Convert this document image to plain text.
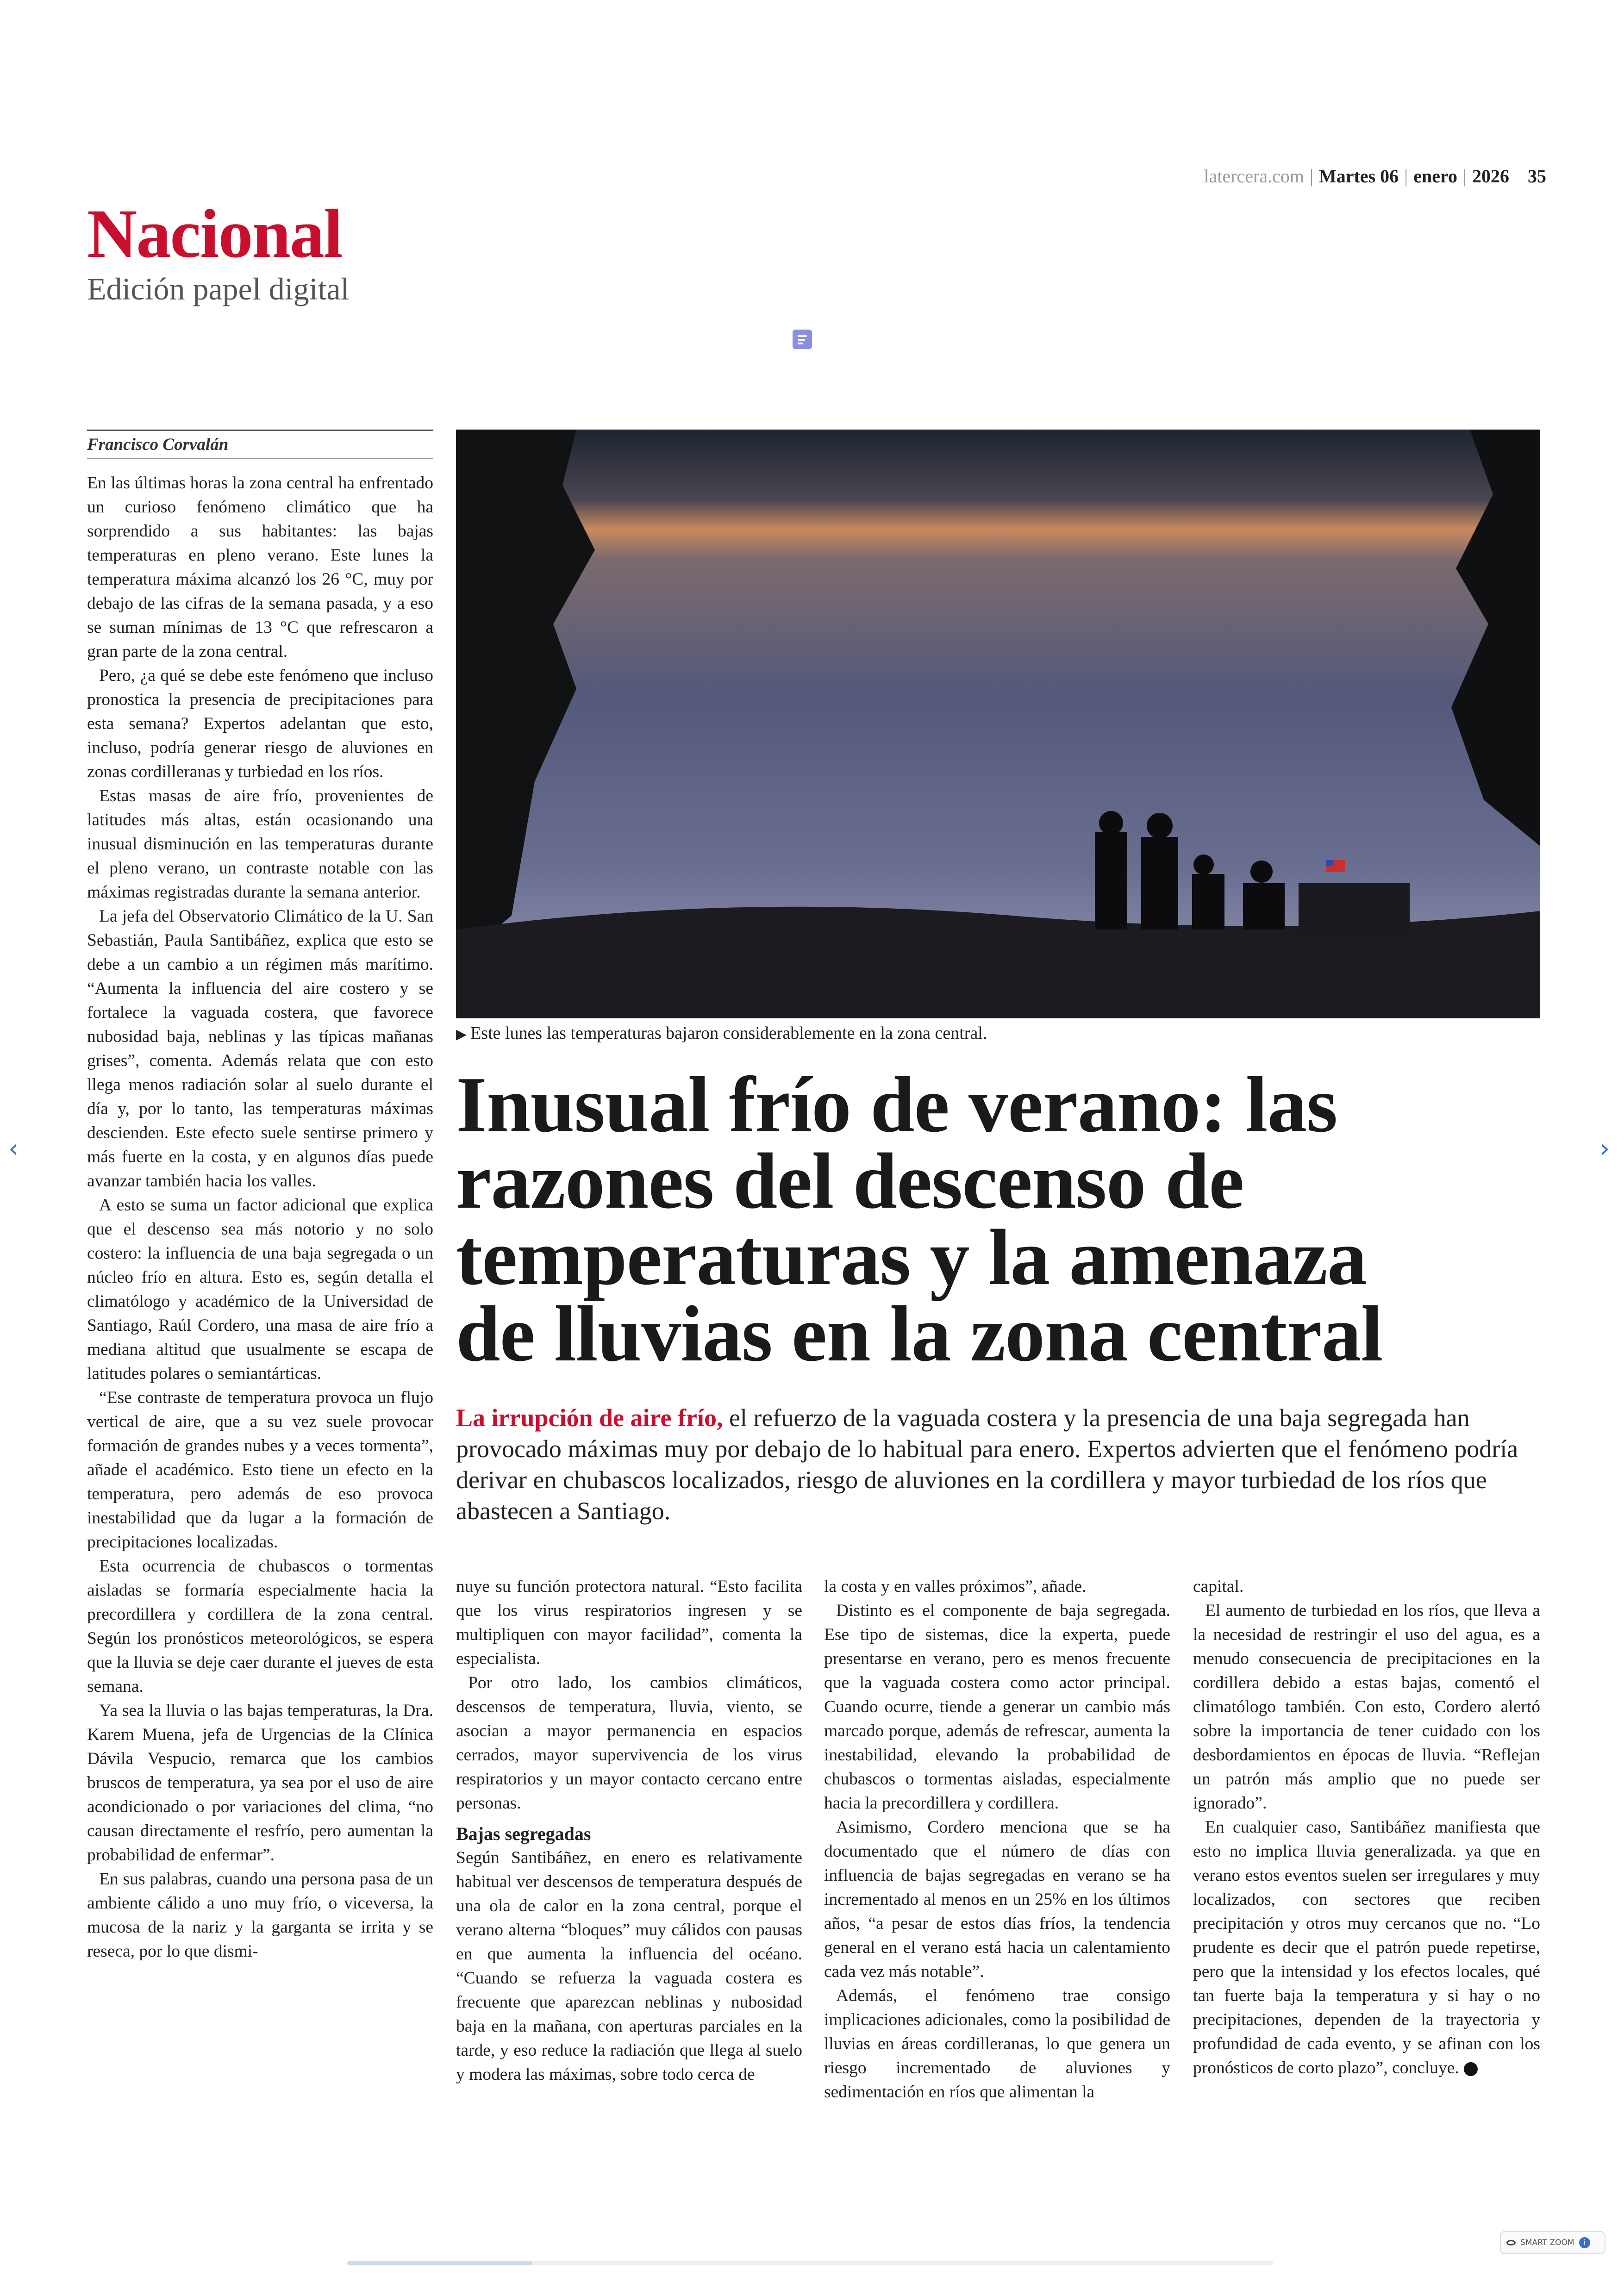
latercera.com | Martes 06 | enero | 2026 35
Nacional
Edición papel digital
Francisco Corvalán

En las últimas horas la zona central ha enfrentado un curioso fenómeno climático que ha sorprendido a sus habitantes: las bajas temperaturas en pleno verano. Este lunes la temperatura máxima alcanzó los 26 °C, muy por debajo de las cifras de la semana pasada, y a eso se suman mínimas de 13 °C que refrescaron a gran parte de la zona central.

Pero, ¿a qué se debe este fenómeno que incluso pronostica la presencia de precipitaciones para esta semana? Expertos adelantan que esto, incluso, podría generar riesgo de aluviones en zonas cordilleranas y turbiedad en los ríos.

Estas masas de aire frío, provenientes de latitudes más altas, están ocasionando una inusual disminución en las temperaturas durante el pleno verano, un contraste notable con las máximas registradas durante la semana anterior.

La jefa del Observatorio Climático de la U. San Sebastián, Paula Santibáñez, explica que esto se debe a un cambio a un régimen más marítimo. “Aumenta la influencia del aire costero y se fortalece la vaguada costera, que favorece nubosidad baja, neblinas y las típicas mañanas grises”, comenta. Además relata que con esto llega menos radiación solar al suelo durante el día y, por lo tanto, las temperaturas máximas descienden. Este efecto suele sentirse primero y más fuerte en la costa, y en algunos días puede avanzar también hacia los valles.

A esto se suma un factor adicional que explica que el descenso sea más notorio y no solo costero: la influencia de una baja segregada o un núcleo frío en altura. Esto es, según detalla el climatólogo y académico de la Universidad de Santiago, Raúl Cordero, una masa de aire frío a mediana altitud que usualmente se escapa de latitudes polares o semiantárticas.

“Ese contraste de temperatura provoca un flujo vertical de aire, que a su vez suele provocar formación de grandes nubes y a veces tormenta”, añade el académico. Esto tiene un efecto en la temperatura, pero además de eso provoca inestabilidad que da lugar a la formación de precipitaciones localizadas.

Esta ocurrencia de chubascos o tormentas aisladas se formaría especialmente hacia la precordillera y cordillera de la zona central. Según los pronósticos meteorológicos, se espera que la lluvia se deje caer durante el jueves de esta semana.

Ya sea la lluvia o las bajas temperaturas, la Dra. Karem Muena, jefa de Urgencias de la Clínica Dávila Vespucio, remarca que los cambios bruscos de temperatura, ya sea por el uso de aire acondicionado o por variaciones del clima, “no causan directamente el resfrío, pero aumentan la probabilidad de enfermar”.

En sus palabras, cuando una persona pasa de un ambiente cálido a uno muy frío, o viceversa, la mucosa de la nariz y la garganta se irrita y se reseca, por lo que dismi-

▶ Este lunes las temperaturas bajaron considerablemente en la zona central.
Inusual frío de verano: las
razones del descenso de
temperaturas y la amenaza
de lluvias en la zona central
La irrupción de aire frío, el refuerzo de la vaguada costera y la presencia de una baja segregada han provocado máximas muy por debajo de lo habitual para enero. Expertos advierten que el fenómeno podría derivar en chubascos localizados, riesgo de aluviones en la cordillera y mayor turbiedad de los ríos que abastecen a Santiago.

nuye su función protectora natural. “Esto facilita que los virus respiratorios ingresen y se multipliquen con mayor facilidad”, comenta la especialista.

Por otro lado, los cambios climáticos, descensos de temperatura, lluvia, viento, se asocian a mayor permanencia en espacios cerrados, mayor supervivencia de los virus respiratorios y un mayor contacto cercano entre personas.

Bajas segregadas

Según Santibáñez, en enero es relativamente habitual ver descensos de temperatura después de una ola de calor en la zona central, porque el verano alterna “bloques” muy cálidos con pausas en que aumenta la influencia del océano. “Cuando se refuerza la vaguada costera es frecuente que aparezcan neblinas y nubosidad baja en la mañana, con aperturas parciales en la tarde, y eso reduce la radiación que llega al suelo y modera las máximas, sobre todo cerca de

la costa y en valles próximos”, añade.

Distinto es el componente de baja segregada. Ese tipo de sistemas, dice la experta, puede presentarse en verano, pero es menos frecuente que la vaguada costera como actor principal. Cuando ocurre, tiende a generar un cambio más marcado porque, además de refrescar, aumenta la inestabilidad, elevando la probabilidad de chubascos o tormentas aisladas, especialmente hacia la precordillera y cordillera.

Asimismo, Cordero menciona que se ha documentado que el número de días con influencia de bajas segregadas en verano se ha incrementado al menos en un 25% en los últimos años, “a pesar de estos días fríos, la tendencia general en el verano está hacia un calentamiento cada vez más notable”.

Además, el fenómeno trae consigo implicaciones adicionales, como la posibilidad de lluvias en áreas cordilleranas, lo que genera un riesgo incrementado de aluviones y sedimentación en ríos que alimentan la

capital.

El aumento de turbiedad en los ríos, que lleva a la necesidad de restringir el uso del agua, es a menudo consecuencia de precipitaciones en la cordillera debido a estas bajas, comentó el climatólogo también. Con esto, Cordero alertó sobre la importancia de tener cuidado con los desbordamientos en épocas de lluvia. “Reflejan un patrón más amplio que no puede ser ignorado”.

En cualquier caso, Santibáñez manifiesta que esto no implica lluvia generalizada. ya que en verano estos eventos suelen ser irregulares y muy localizados, con sectores que reciben precipitación y otros muy cercanos que no. “Lo prudente es decir que el patrón puede repetirse, pero que la intensidad y los efectos locales, qué tan fuerte baja la temperatura y si hay o no precipitaciones, dependen de la trayectoria y profundidad de cada evento, y se afinan con los pronósticos de corto plazo”, concluye.

‹	›
SMART ZOOM	i
